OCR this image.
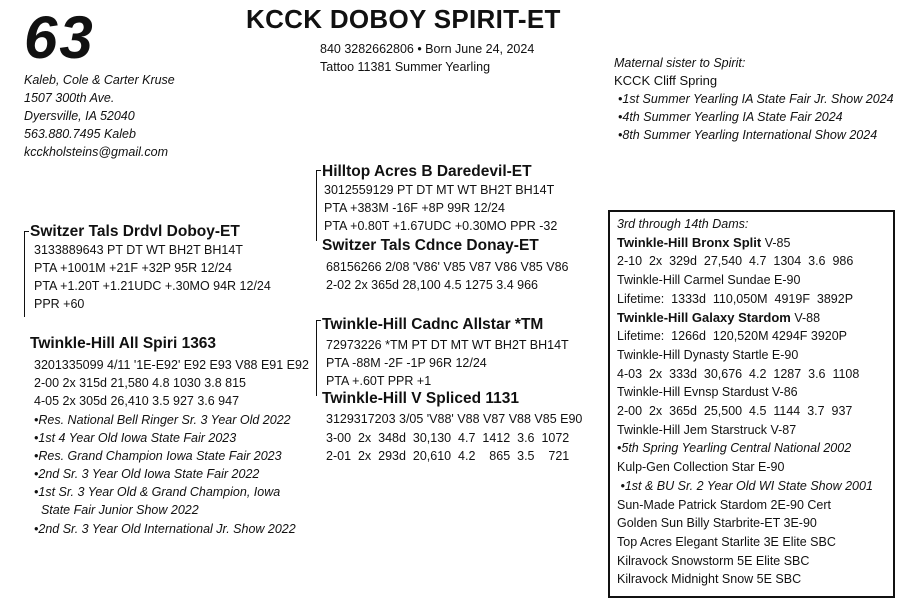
63	KCCK DOBOY SPIRIT-ET
840 3282662806 • Born June 24, 2024
Tattoo 11381 Summer Yearling
Kaleb, Cole & Carter Kruse
1507 300th Ave.
Dyersville, IA 52040
563.880.7495 Kaleb
kcckholsteins@gmail.com
Maternal sister to Spirit:
KCCK Cliff Spring
•1st Summer Yearling IA State Fair Jr. Show 2024
•4th Summer Yearling IA State Fair 2024
•8th Summer Yearling International Show 2024
Hilltop Acres B Daredevil-ET
3012559129 PT DT MT WT BH2T BH14T
PTA +383M -16F +8P 99R 12/24
PTA +0.80T +1.67UDC +0.30MO PPR -32
Switzer Tals Cdnce Donay-ET
68156266 2/08 'V86' V85 V87 V86 V85 V86
2-02 2x 365d 28,100 4.5 1275 3.4 966
Switzer Tals Drdvl Doboy-ET
3133889643 PT DT WT BH2T BH14T
PTA +1001M +21F +32P 95R 12/24
PTA +1.20T +1.21UDC +.30MO 94R 12/24
PPR +60
Twinkle-Hill All Spiri 1363
3201335099 4/11 '1E-E92' E92 E93 V88 E91 E92
2-00 2x 315d 21,580 4.8 1030 3.8 815
4-05 2x 305d 26,410 3.5 927 3.6 947
•Res. National Bell Ringer Sr. 3 Year Old 2022
•1st 4 Year Old Iowa State Fair 2023
•Res. Grand Champion Iowa State Fair 2023
•2nd Sr. 3 Year Old Iowa State Fair 2022
•1st Sr. 3 Year Old & Grand Champion, Iowa
State Fair Junior Show 2022
•2nd Sr. 3 Year Old International Jr. Show 2022
Twinkle-Hill Cadnc Allstar *TM
72973226 *TM PT DT MT WT BH2T BH14T
PTA -88M -2F -1P 96R 12/24
PTA +.60T PPR +1
Twinkle-Hill V Spliced 1131
3129317203 3/05 'V88' V88 V87 V88 V85 E90
3-00  2x  348d  30,130  4.7  1412  3.6  1072
2-01  2x  293d  20,610  4.2    865  3.5    721
3rd through 14th Dams:
Twinkle-Hill Bronx Split V-85
2-10  2x  329d  27,540  4.7  1304  3.6  986
Twinkle-Hill Carmel Sundae E-90
Lifetime:  1333d  110,050M  4919F  3892P
Twinkle-Hill Galaxy Stardom V-88
Lifetime:  1266d  120,520M 4294F 3920P
Twinkle-Hill Dynasty Startle E-90
4-03  2x  333d  30,676  4.2  1287  3.6  1108
Twinkle-Hill Evnsp Stardust V-86
2-00  2x  365d  25,500  4.5  1144  3.7  937
Twinkle-Hill Jem Starstruck V-87
•5th Spring Yearling Central National 2002
Kulp-Gen Collection Star E-90
•1st & BU Sr. 2 Year Old WI State Show 2001
Sun-Made Patrick Stardom 2E-90 Cert
Golden Sun Billy Starbrite-ET 3E-90
Top Acres Elegant Starlite 3E Elite SBC
Kilravock Snowstorm 5E Elite SBC
Kilravock Midnight Snow 5E SBC
